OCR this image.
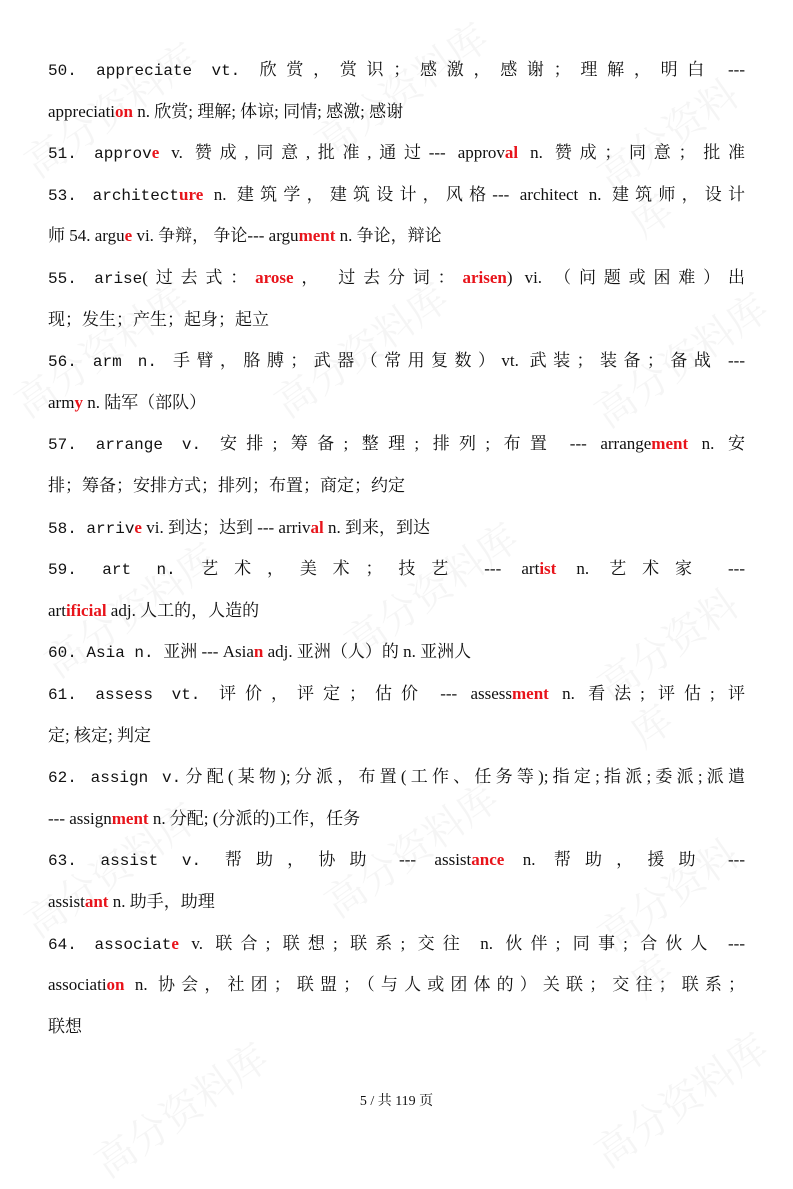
50. appreciate vt. 欣赏，赏识；感激，感谢；理解，明白 ---
appreciation n. 欣赏; 理解; 体谅; 同情; 感激; 感谢
51. approve v. 赞成,同意,批准,通过--- approval n. 赞成；同意；批准
53. architecture n. 建筑学，建筑设计，风格--- architect n. 建筑师，设计
师 54. argue vi. 争辩， 争论--- argument n. 争论，辩论
55. arise(过去式：arose， 过去分词：arisen) vi. （问题或困难）出
现；发生；产生；起身；起立
56. arm n. 手臂，胳膊；武器（常用复数）vt. 武装；装备；备战 ---
army n. 陆军（部队）
57. arrange v. 安排; 筹备; 整理; 排列; 布置 --- arrangement n. 安
排；筹备；安排方式；排列；布置；商定；约定
58. arrive vi. 到达；达到 --- arrival n. 到来，到达
59. art n. 艺术，美术；技艺 --- artist n. 艺术家 ---
artificial adj. 人工的，人造的
60. Asia n. 亚洲 --- Asian adj. 亚洲（人）的 n. 亚洲人
61. assess vt. 评价，评定；估价 --- assessment n. 看法; 评估; 评
定; 核定; 判定
62. assign v.分配(某物);分派，布置(工作、任务等);指定;指派;委派;派遣
--- assignment n. 分配; (分派的)工作，任务
63. assist v. 帮助，协助 --- assistance n. 帮助，援助 ---
assistant n. 助手，助理
64. associate v. 联合; 联想; 联系; 交往 n. 伙伴; 同事; 合伙人 ---
association n. 协会，社团；联盟；（与人或团体的）关联；交往；联系；
联想
5 / 共 119 页
